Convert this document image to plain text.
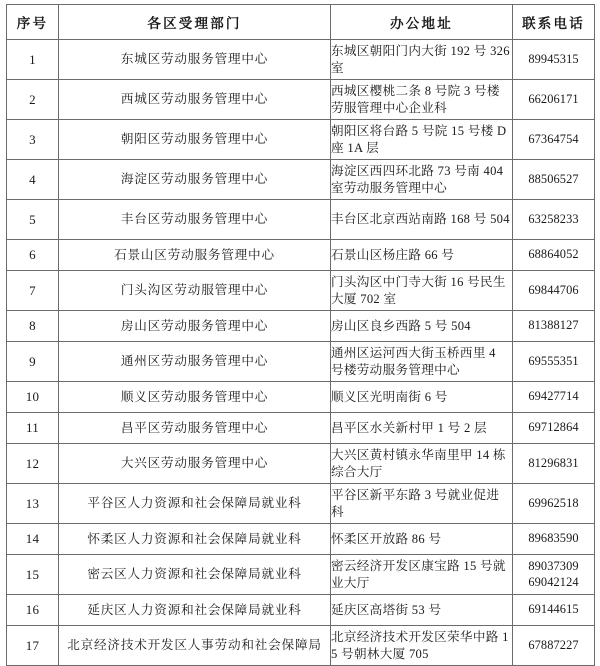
序号	各区受理部门	办公地址	联系电话
1	东城区劳动服务管理中心	东城区朝阳门内大街 192 号 326 室	89945315

2	西城区劳动服务管理中心	西城区樱桃二条 8 号院 3 号楼劳服管理中心企业科	66206171

3	朝阳区劳动服务管理中心	朝阳区将台路 5 号院 15 号楼 D 座 1A 层	67364754

4	海淀区劳动服务管理中心	海淀区西四环北路 73 号南 404 室劳动服务管理中心	88506527

5	丰台区劳动服务管理中心	丰台区北京西站南路 168 号 504	63258233

6	石景山区劳动服务管理中心	石景山区杨庄路 66 号	68864052

7	门头沟区劳动服管理中心	门头沟区中门寺大街 16 号民生大厦 702 室	69844706

8	房山区劳动服务管理中心	房山区良乡西路 5 号 504	81388127

9	通州区劳动服务管理中心	通州区运河西大街玉桥西里 4 号楼劳动服务管理中心	69555351

10	顺义区劳动服务管理中心	顺义区光明南街 6 号	69427714

11	昌平区劳动服务管理中心	昌平区水关新村甲 1 号 2 层	69712864

12	大兴区劳动服务管理中心	大兴区黄村镇永华南里甲 14 栋综合大厅	81296831

13	平谷区人力资源和社会保障局就业科	平谷区新平东路 3 号就业促进科	69962518

14	怀柔区人力资源和社会保障局就业科	怀柔区开放路 86 号	89683590

15	密云区人力资源和社会保障局就业科	密云经济开发区康宝路 15 号就业大厅	89037309
69042124

16	延庆区人力资源和社会保障局就业科	延庆区高塔街 53 号	69144615

17	北京经济技术开发区人事劳动和社会保障局	北京经济技术开发区荣华中路 15 号朝林大厦 705	67887227
